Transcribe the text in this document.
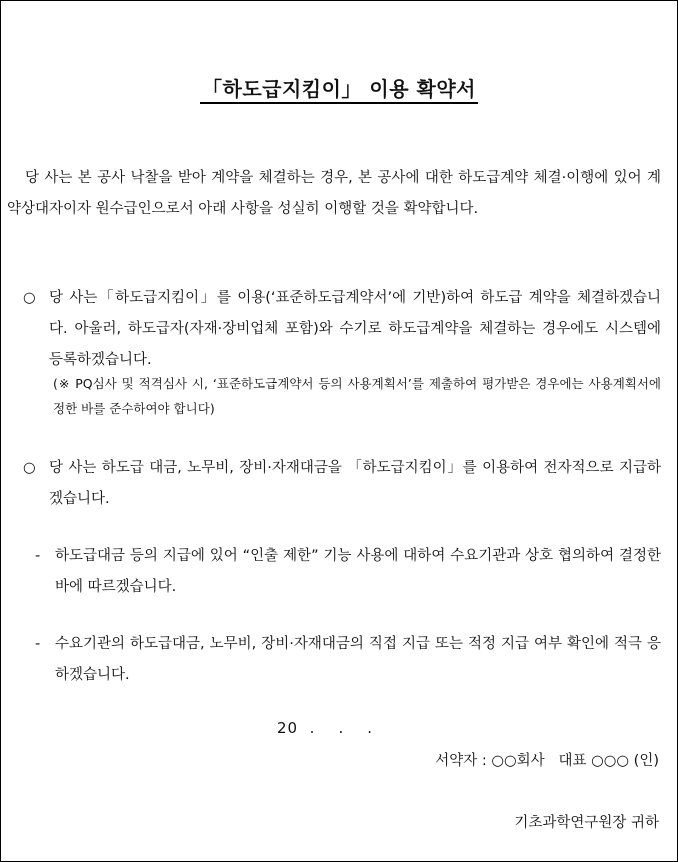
「하도급지킴이」 이용 확약서
당 사는 본 공사 낙찰을 받아 계약을 체결하는 경우, 본 공사에 대한 하도급계약 체결·이행에 있어 계약상대자이자 원수급인으로서 아래 사항을 성실히 이행할 것을 확약합니다.
○ 당 사는「하도급지킴이」를 이용(‘표준하도급계약서’에 기반)하여 하도급 계약을 체결하겠습니다. 아울러, 하도급자(자재·장비업체 포함)와 수기로 하도급계약을 체결하는 경우에도 시스템에 등록하겠습니다.
(※ PQ심사 및 적격심사 시, ‘표준하도급계약서 등의 사용계획서’를 제출하여 평가받은 경우에는 사용계획서에 정한 바를 준수하여야 합니다)
○ 당 사는 하도급 대금, 노무비, 장비·자재대금을 「하도급지킴이」를 이용하여 전자적으로 지급하겠습니다.
-	하도급대금 등의 지급에 있어 “인출 제한” 기능 사용에 대하여 수요기관과 상호 협의하여 결정한 바에 따르겠습니다.
-	수요기관의 하도급대금, 노무비, 장비·자재대금의 직접 지급 또는 적정 지급 여부 확인에 적극 응하겠습니다.
20  .    .    .
서약자 : ○○회사   대표 ○○○ (인)
기초과학연구원장 귀하
